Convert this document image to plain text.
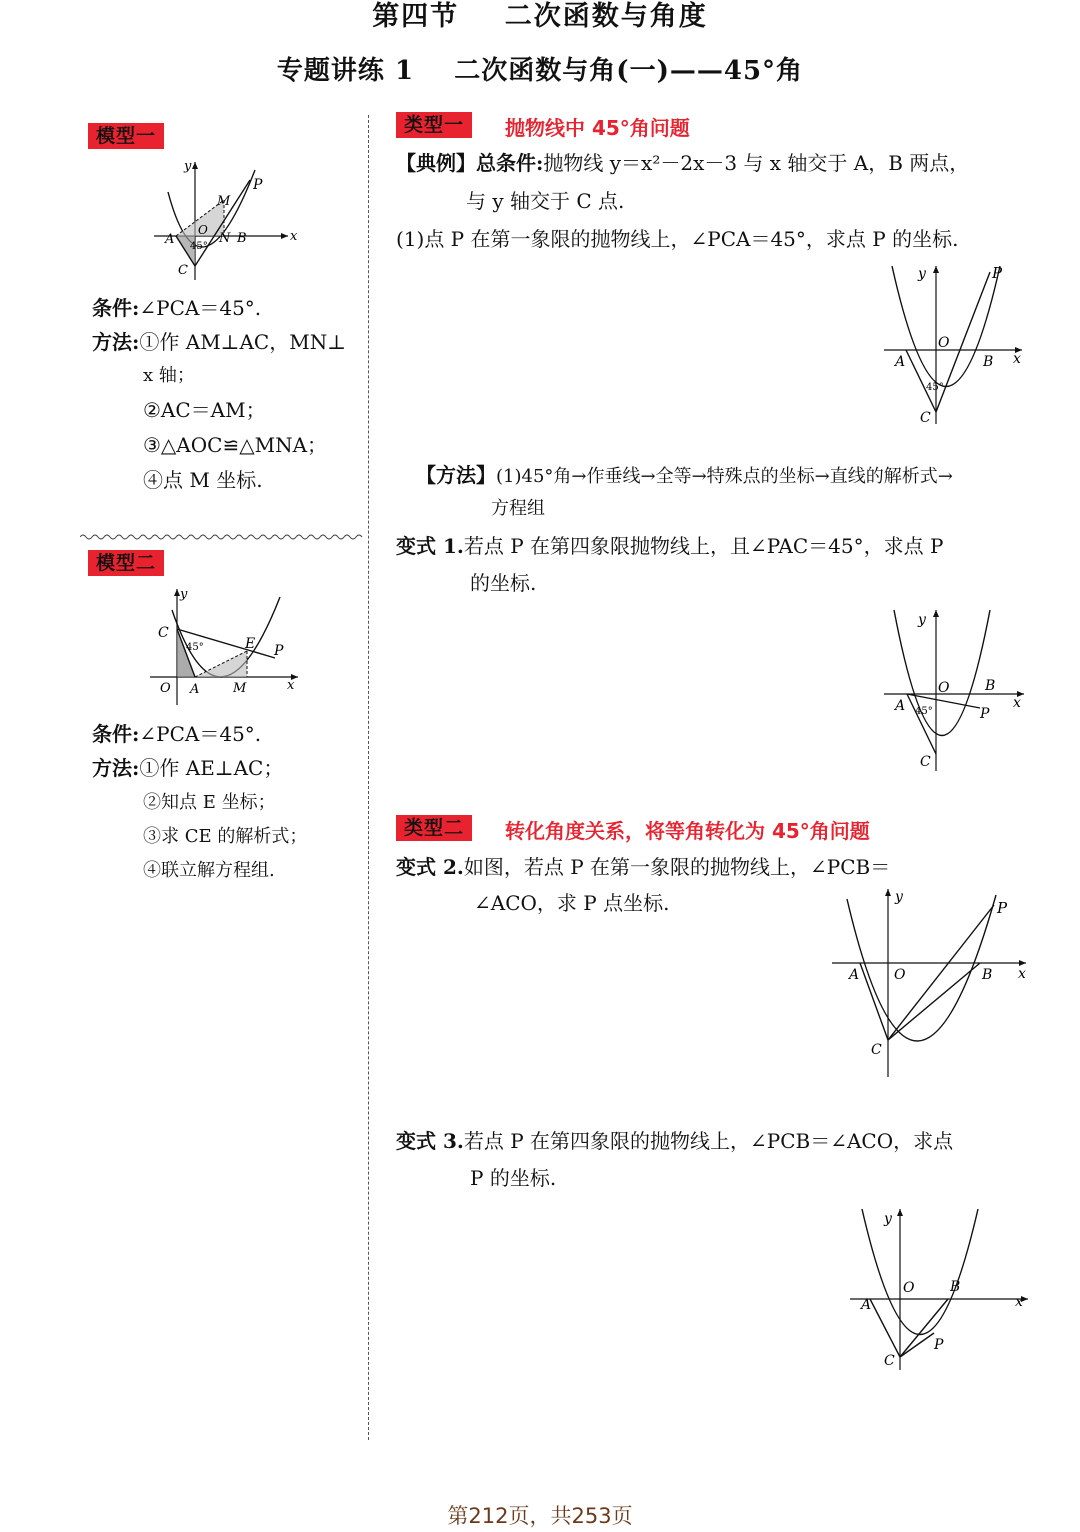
第四节    二次函数与角度
专题讲练 1    二次函数与角(一)——45°角
模型一
y
x
P
M
A
O
N B
C
45°
条件:∠PCA＝45°.
方法:①作 AM⊥AC，MN⊥
x 轴；
②AC＝AM；
③△AOC≌△MNA；
④点 M 坐标.
模型二
y
x
C
E P
O A	M
45°
条件:∠PCA＝45°.
方法:①作 AE⊥AC；
②知点 E 坐标；
③求 CE 的解析式；
④联立解方程组.
类型一	抛物线中 45°角问题
【典例】总条件:抛物线 y＝x²－2x－3 与 x 轴交于 A，B 两点，
与 y 轴交于 C 点.
(1)点 P 在第一象限的抛物线上，∠PCA＝45°，求点 P 的坐标.
y
x
P
A
O
B
C
45°
【方法】(1)45°角→作垂线→全等→特殊点的坐标→直线的解析式→
方程组
变式 1.若点 P 在第四象限抛物线上，且∠PAC＝45°，求点 P
的坐标.
y
x
O	B
A	P
C
45°
类型二	转化角度关系，将等角转化为 45°角问题
变式 2.如图，若点 P 在第一象限的抛物线上，∠PCB＝
∠ACO，求 P 点坐标.	y
x
P
A O	B
C
变式 3.若点 P 在第四象限的抛物线上，∠PCB＝∠ACO，求点
P 的坐标.
y
x
O	B
A
P
C
第212页，共253页
